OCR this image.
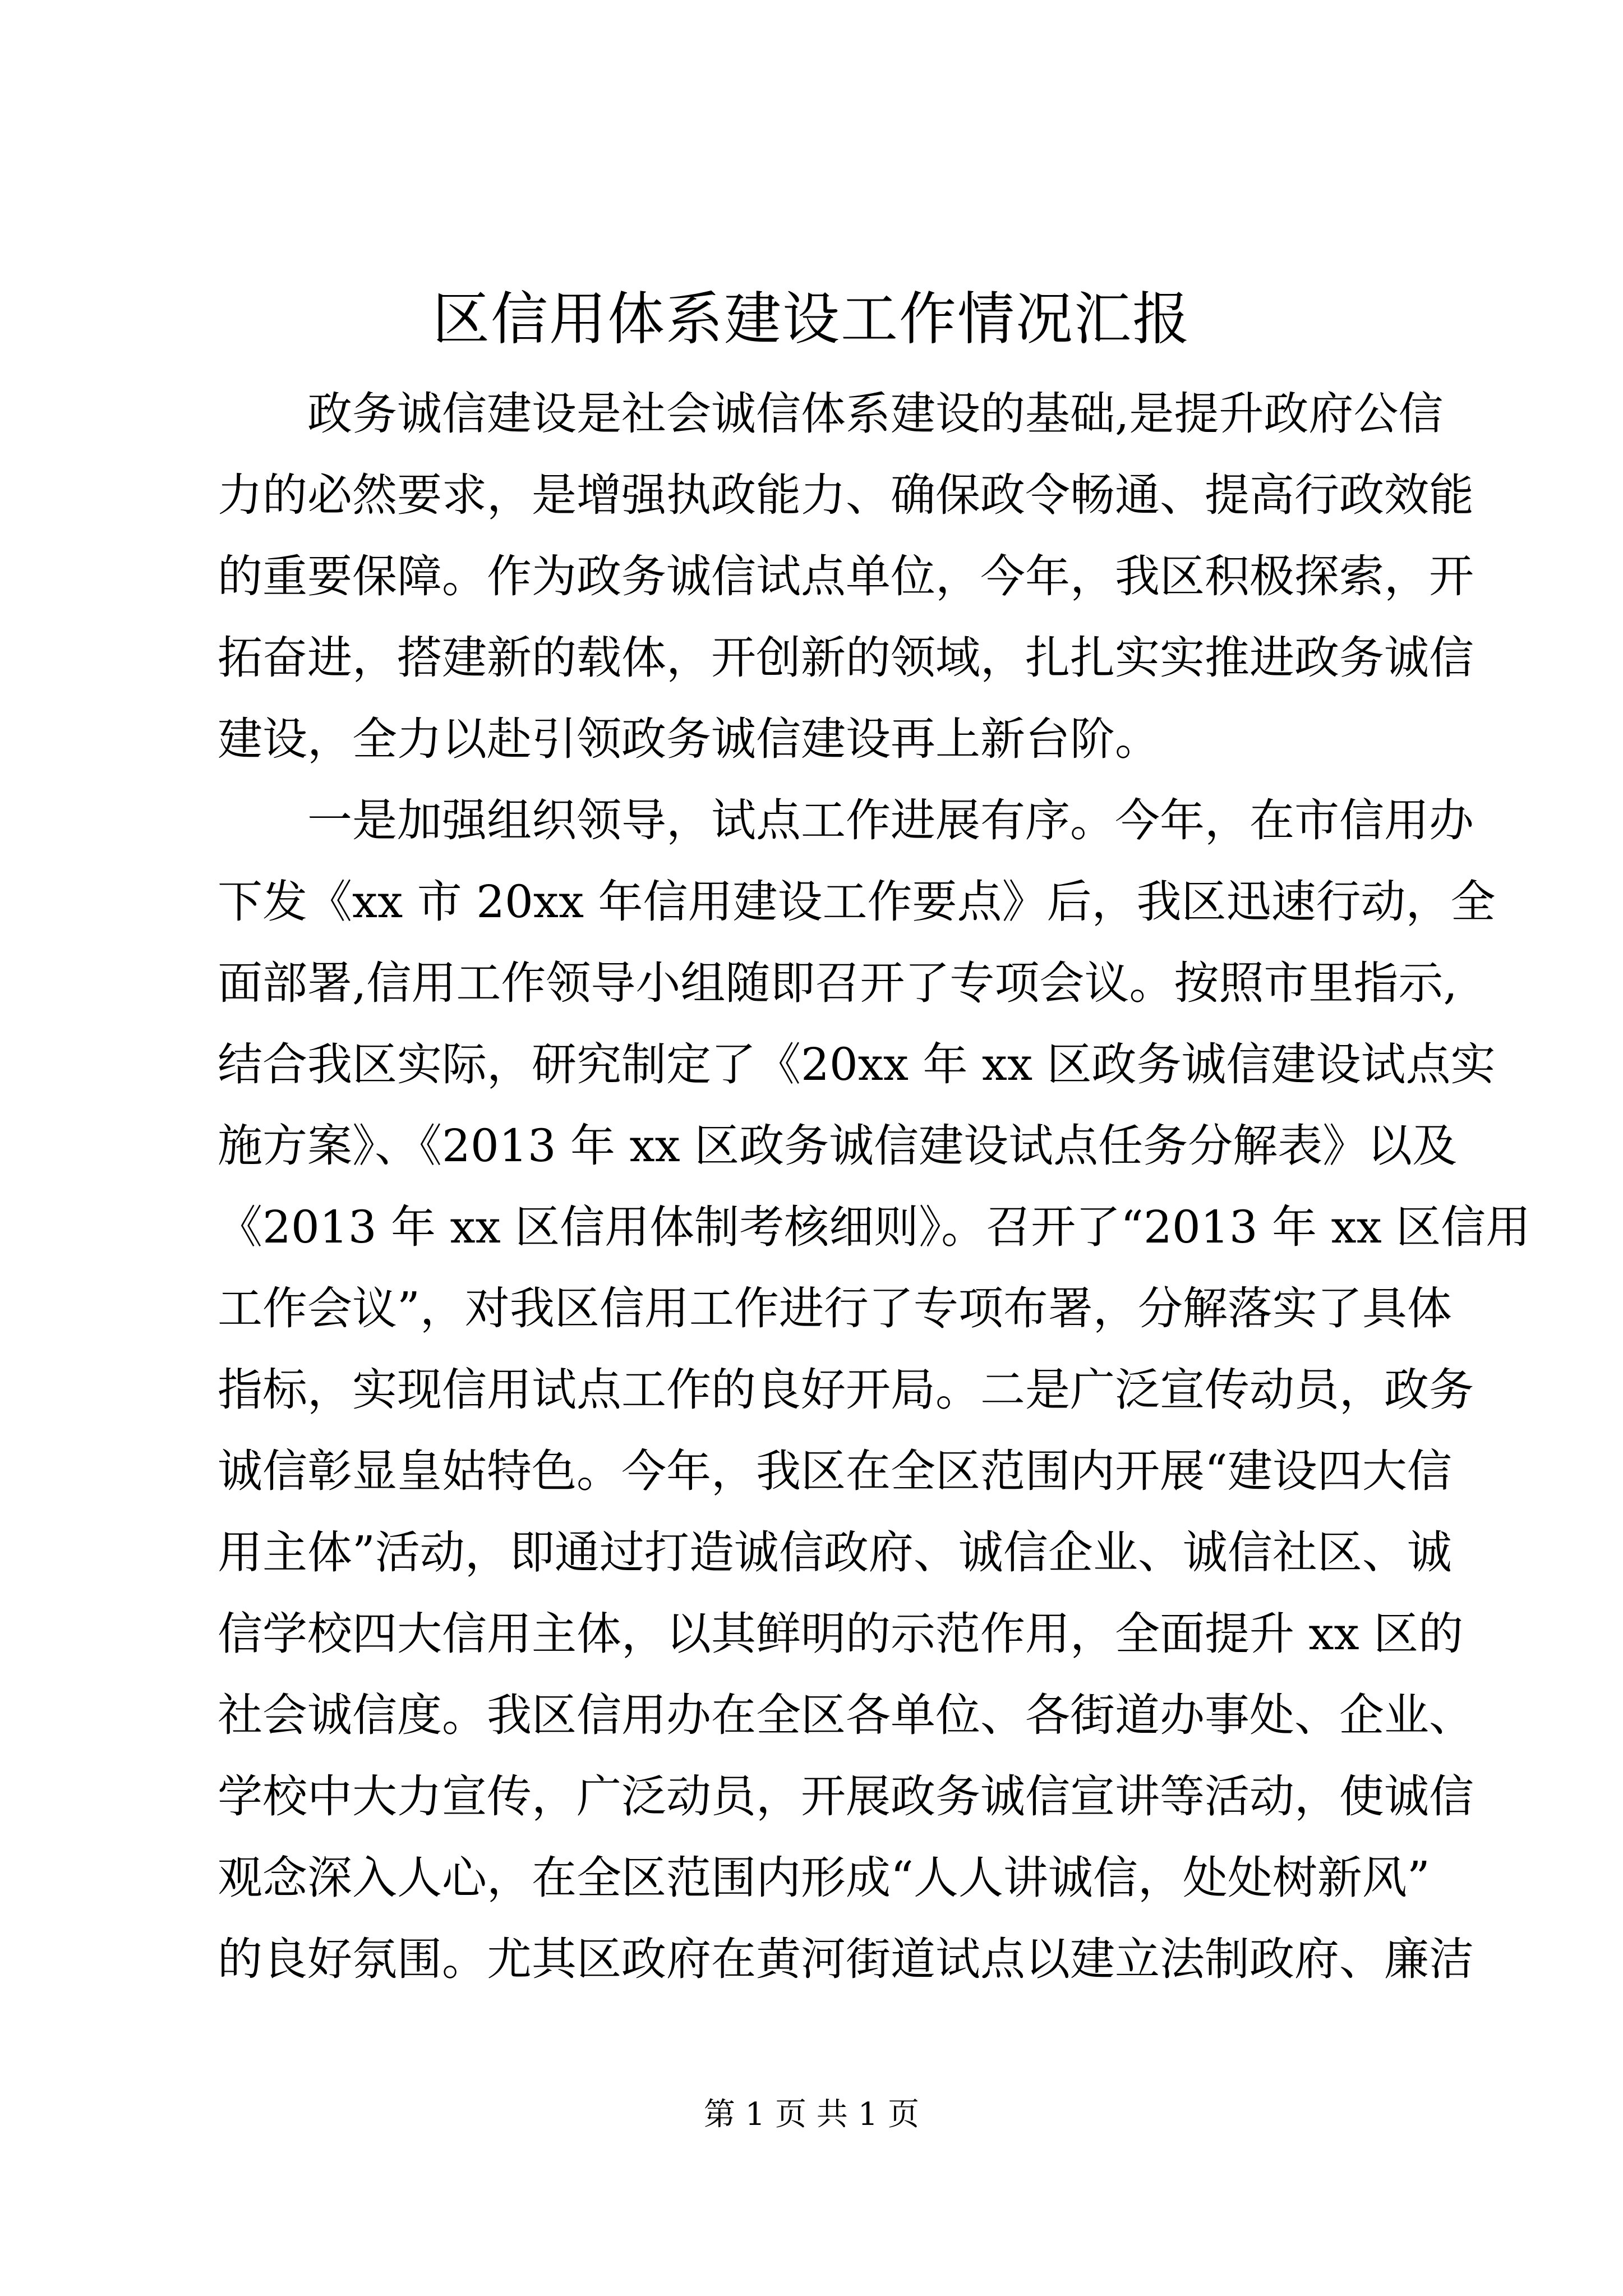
区信用体系建设工作情况汇报
政务诚信建设是社会诚信体系建设的基础,是提升政府公信
力的必然要求，是增强执政能力、确保政令畅通、提高行政效能
的重要保障。作为政务诚信试点单位，今年，我区积极探索，开
拓奋进，搭建新的载体，开创新的领域，扎扎实实推进政务诚信
建设，全力以赴引领政务诚信建设再上新台阶。
一是加强组织领导，试点工作进展有序。今年，在市信用办
下发《xx 市 20xx 年信用建设工作要点》后，我区迅速行动，全
面部署,信用工作领导小组随即召开了专项会议。按照市里指示,
结合我区实际，研究制定了《20xx 年 xx 区政务诚信建设试点实
施方案》、《2013 年 xx 区政务诚信建设试点任务分解表》以及
《2013 年 xx 区信用体制考核细则》。召开了“2013 年 xx 区信用
工作会议”，对我区信用工作进行了专项布署，分解落实了具体
指标，实现信用试点工作的良好开局。二是广泛宣传动员，政务
诚信彰显皇姑特色。今年，我区在全区范围内开展“建设四大信
用主体”活动，即通过打造诚信政府、诚信企业、诚信社区、诚
信学校四大信用主体，以其鲜明的示范作用，全面提升 xx 区的
社会诚信度。我区信用办在全区各单位、各街道办事处、企业、
学校中大力宣传，广泛动员，开展政务诚信宣讲等活动，使诚信
观念深入人心，在全区范围内形成“人人讲诚信，处处树新风”
的良好氛围。尤其区政府在黄河街道试点以建立法制政府、廉洁
第 1 页 共 1 页
